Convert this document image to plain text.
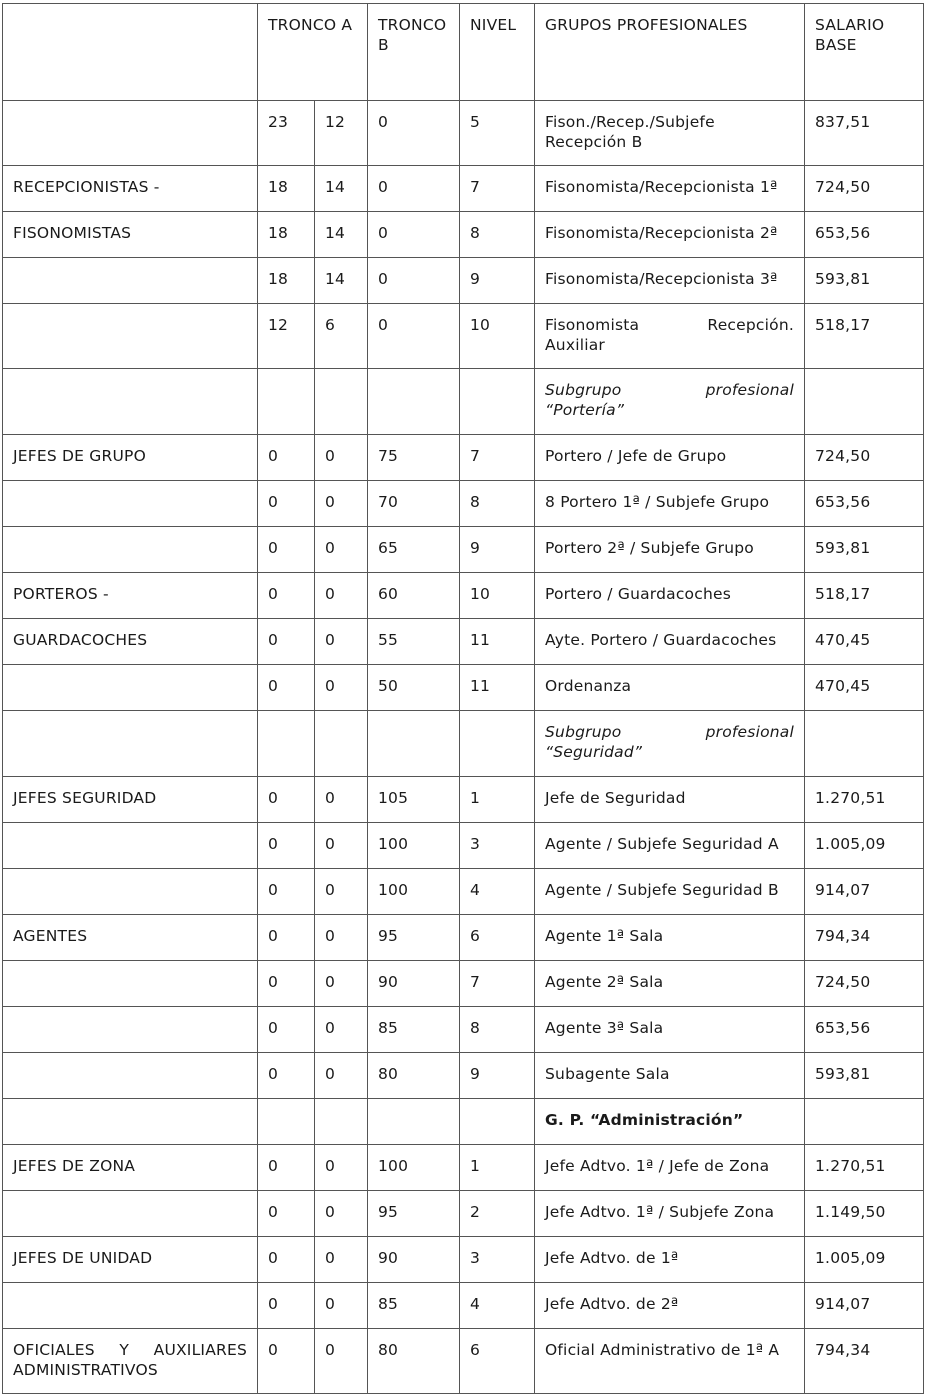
	TRONCO A		TRONCO B	NIVEL	GRUPOS PROFESIONALES	SALARIO BASE
	23	12	0	5	Fison./Recep./Subjefe Recepción B	837,51
RECEPCIONISTAS -	18	14	0	7	Fisonomista/Recepcionista 1ª	724,50
FISONOMISTAS	18	14	0	8	Fisonomista/Recepcionista 2ª	653,56
	18	14	0	9	Fisonomista/Recepcionista 3ª	593,81
	12	6	0	10	Fisonomista Recepción. Auxiliar	518,17

					Subgrupo profesional
“Portería”	

JEFES DE GRUPO	0	0	75	7	Portero / Jefe de Grupo	724,50
	0	0	70	8	8 Portero 1ª / Subjefe Grupo	653,56
	0	0	65	9	Portero 2ª / Subjefe Grupo	593,81
PORTEROS -	0	0	60	10	Portero / Guardacoches	518,17
GUARDACOCHES	0	0	55	11	Ayte. Portero / Guardacoches	470,45
	0	0	50	11	Ordenanza	470,45

					Subgrupo profesional
“Seguridad”	

JEFES SEGURIDAD	0	0	105	1	Jefe de Seguridad	1.270,51
	0	0	100	3	Agente / Subjefe Seguridad A	1.005,09
	0	0	100	4	Agente / Subjefe Seguridad B	914,07
AGENTES	0	0	95	6	Agente 1ª Sala	794,34
	0	0	90	7	Agente 2ª Sala	724,50
	0	0	85	8	Agente 3ª Sala	653,56
	0	0	80	9	Subagente Sala	593,81
					G. P. “Administración”	
JEFES DE ZONA	0	0	100	1	Jefe Adtvo. 1ª / Jefe de Zona	1.270,51
	0	0	95	2	Jefe Adtvo. 1ª / Subjefe Zona	1.149,50
JEFES DE UNIDAD	0	0	90	3	Jefe Adtvo. de 1ª	1.005,09
	0	0	85	4	Jefe Adtvo. de 2ª	914,07
OFICIALES Y AUXILIARES ADMINISTRATIVOS	0	0	80	6	Oficial Administrativo de 1ª A	794,34
